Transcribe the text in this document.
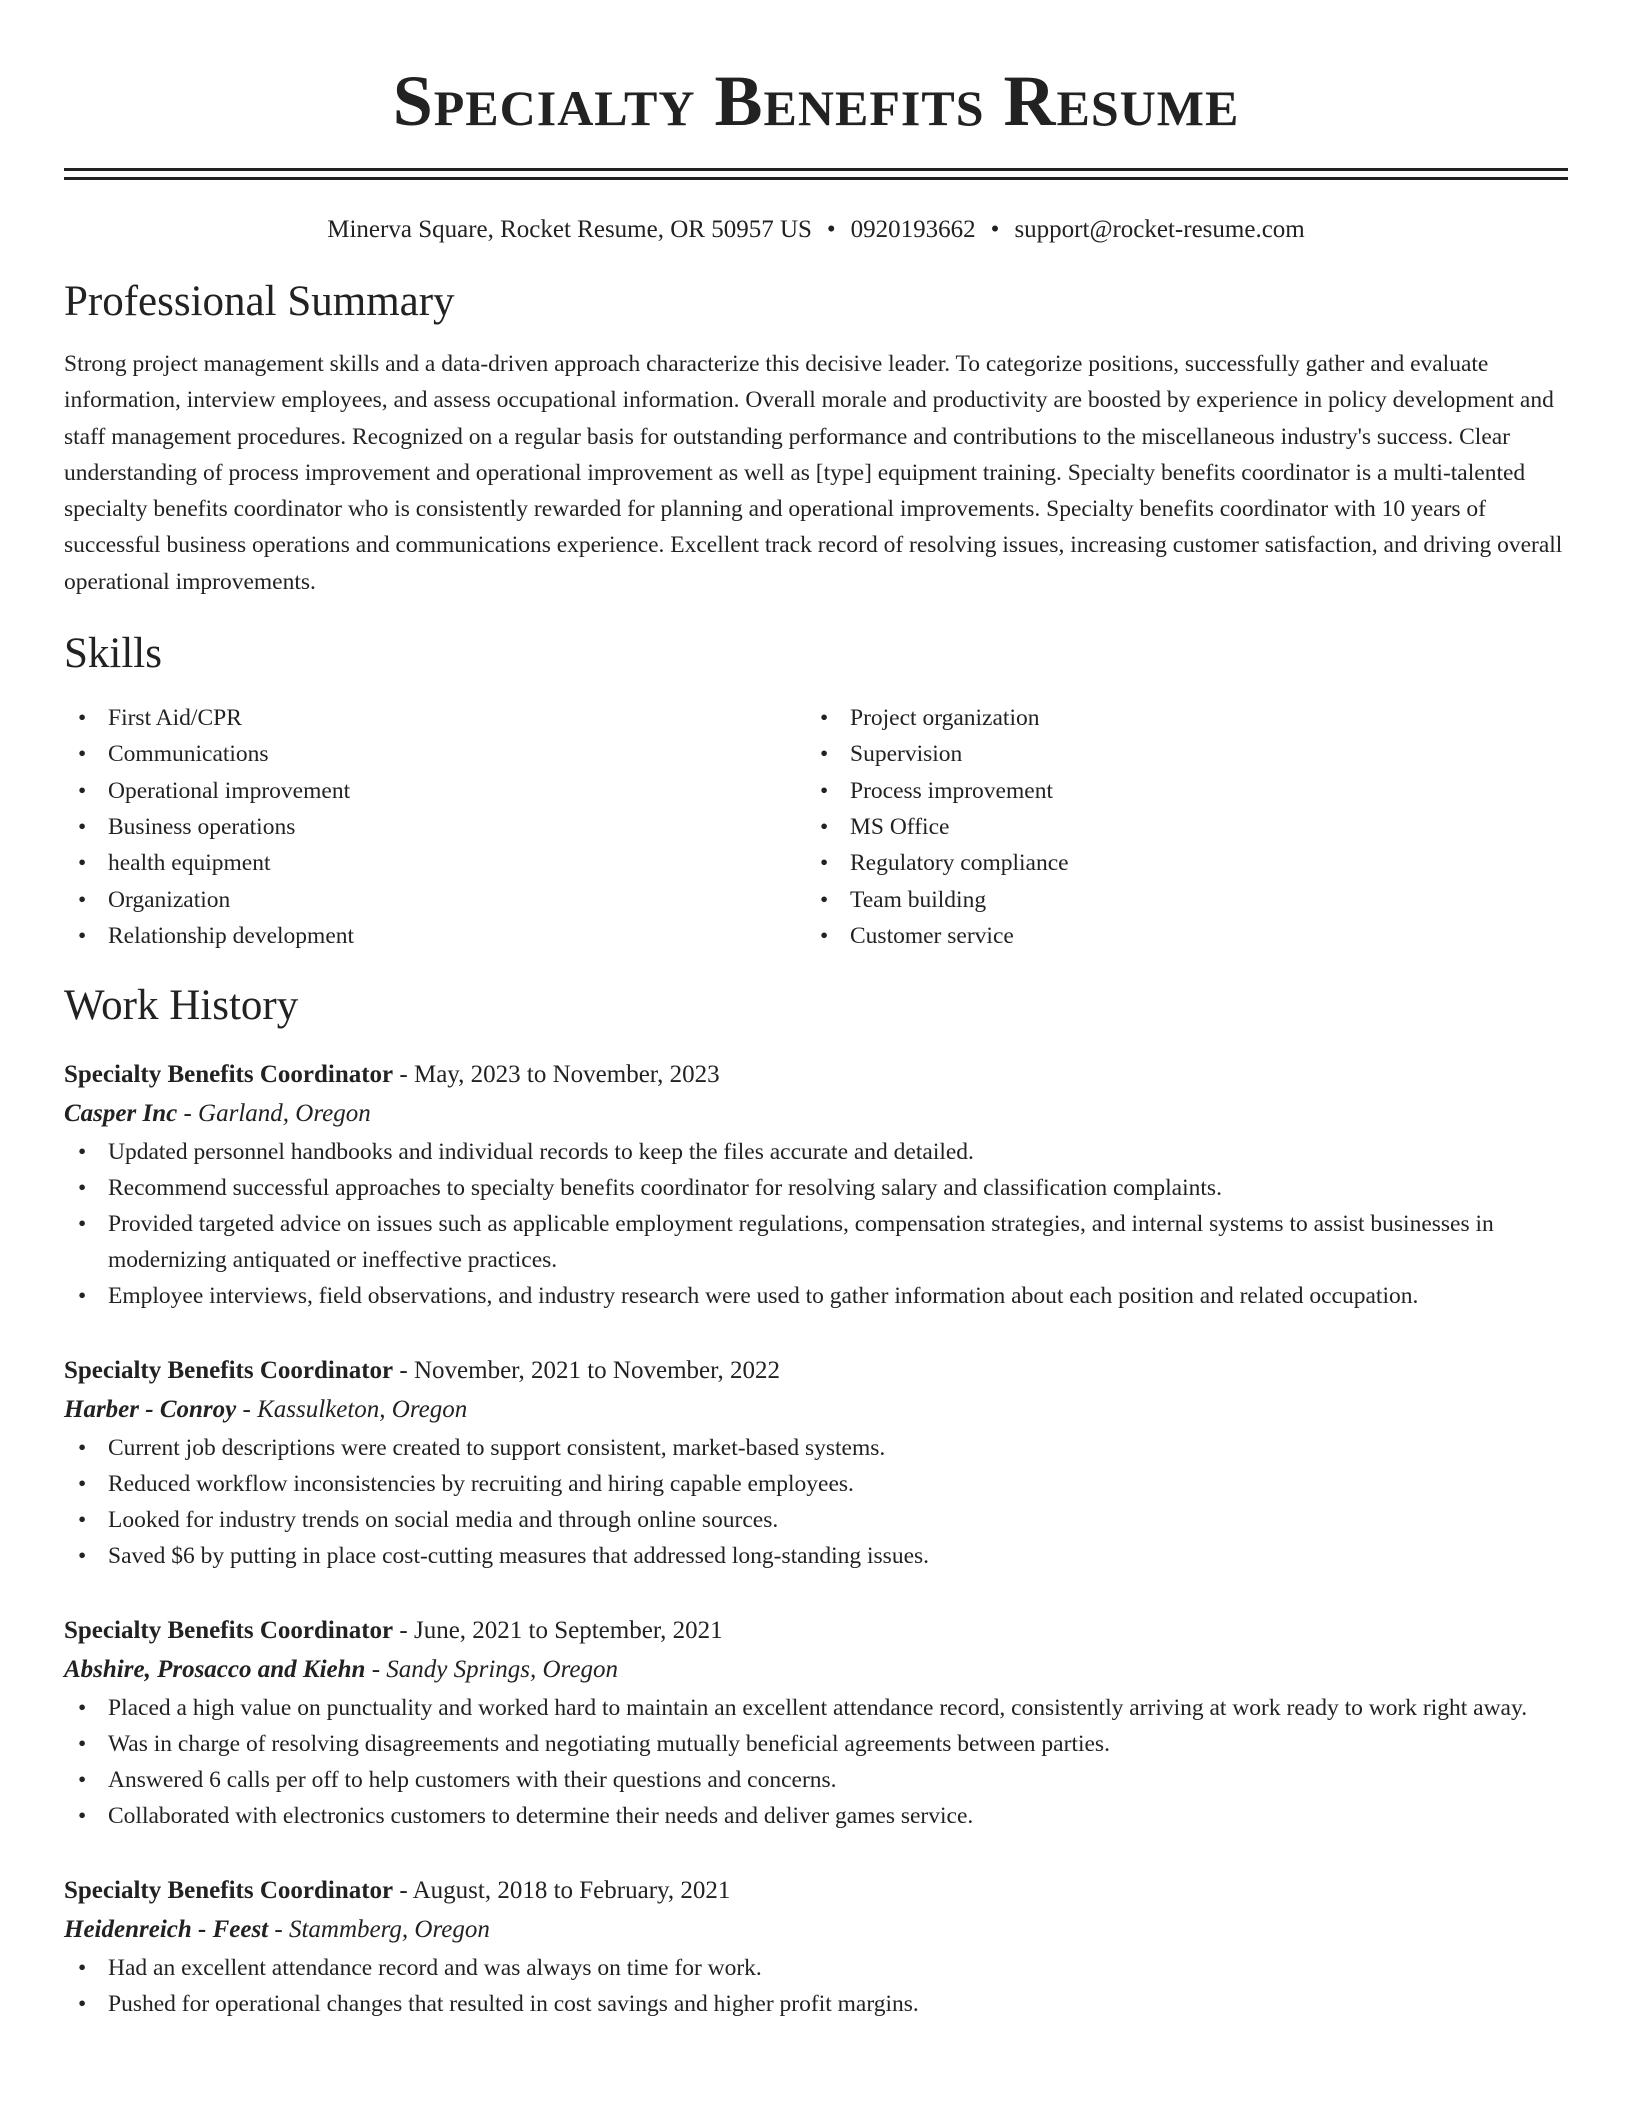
Specialty Benefits Resume
Minerva Square, Rocket Resume, OR 50957 US • 0920193662 • support@rocket-resume.com
Professional Summary
Strong project management skills and a data-driven approach characterize this decisive leader. To categorize positions, successfully gather and evaluate information, interview employees, and assess occupational information. Overall morale and productivity are boosted by experience in policy development and staff management procedures. Recognized on a regular basis for outstanding performance and contributions to the miscellaneous industry's success. Clear understanding of process improvement and operational improvement as well as [type] equipment training. Specialty benefits coordinator is a multi-talented specialty benefits coordinator who is consistently rewarded for planning and operational improvements. Specialty benefits coordinator with 10 years of successful business operations and communications experience. Excellent track record of resolving issues, increasing customer satisfaction, and driving overall operational improvements.
Skills
• First Aid/CPR
• Communications
• Operational improvement
• Business operations
• health equipment
• Organization
• Relationship development
• Project organization
• Supervision
• Process improvement
• MS Office
• Regulatory compliance
• Team building
• Customer service
Work History
Specialty Benefits Coordinator - May, 2023 to November, 2023
Casper Inc - Garland, Oregon
• Updated personnel handbooks and individual records to keep the files accurate and detailed.
• Recommend successful approaches to specialty benefits coordinator for resolving salary and classification complaints.
• Provided targeted advice on issues such as applicable employment regulations, compensation strategies, and internal systems to assist businesses in modernizing antiquated or ineffective practices.
• Employee interviews, field observations, and industry research were used to gather information about each position and related occupation.
Specialty Benefits Coordinator - November, 2021 to November, 2022
Harber - Conroy - Kassulketon, Oregon
• Current job descriptions were created to support consistent, market-based systems.
• Reduced workflow inconsistencies by recruiting and hiring capable employees.
• Looked for industry trends on social media and through online sources.
• Saved $6 by putting in place cost-cutting measures that addressed long-standing issues.
Specialty Benefits Coordinator - June, 2021 to September, 2021
Abshire, Prosacco and Kiehn - Sandy Springs, Oregon
• Placed a high value on punctuality and worked hard to maintain an excellent attendance record, consistently arriving at work ready to work right away.
• Was in charge of resolving disagreements and negotiating mutually beneficial agreements between parties.
• Answered 6 calls per off to help customers with their questions and concerns.
• Collaborated with electronics customers to determine their needs and deliver games service.
Specialty Benefits Coordinator - August, 2018 to February, 2021
Heidenreich - Feest - Stammberg, Oregon
• Had an excellent attendance record and was always on time for work.
• Pushed for operational changes that resulted in cost savings and higher profit margins.
